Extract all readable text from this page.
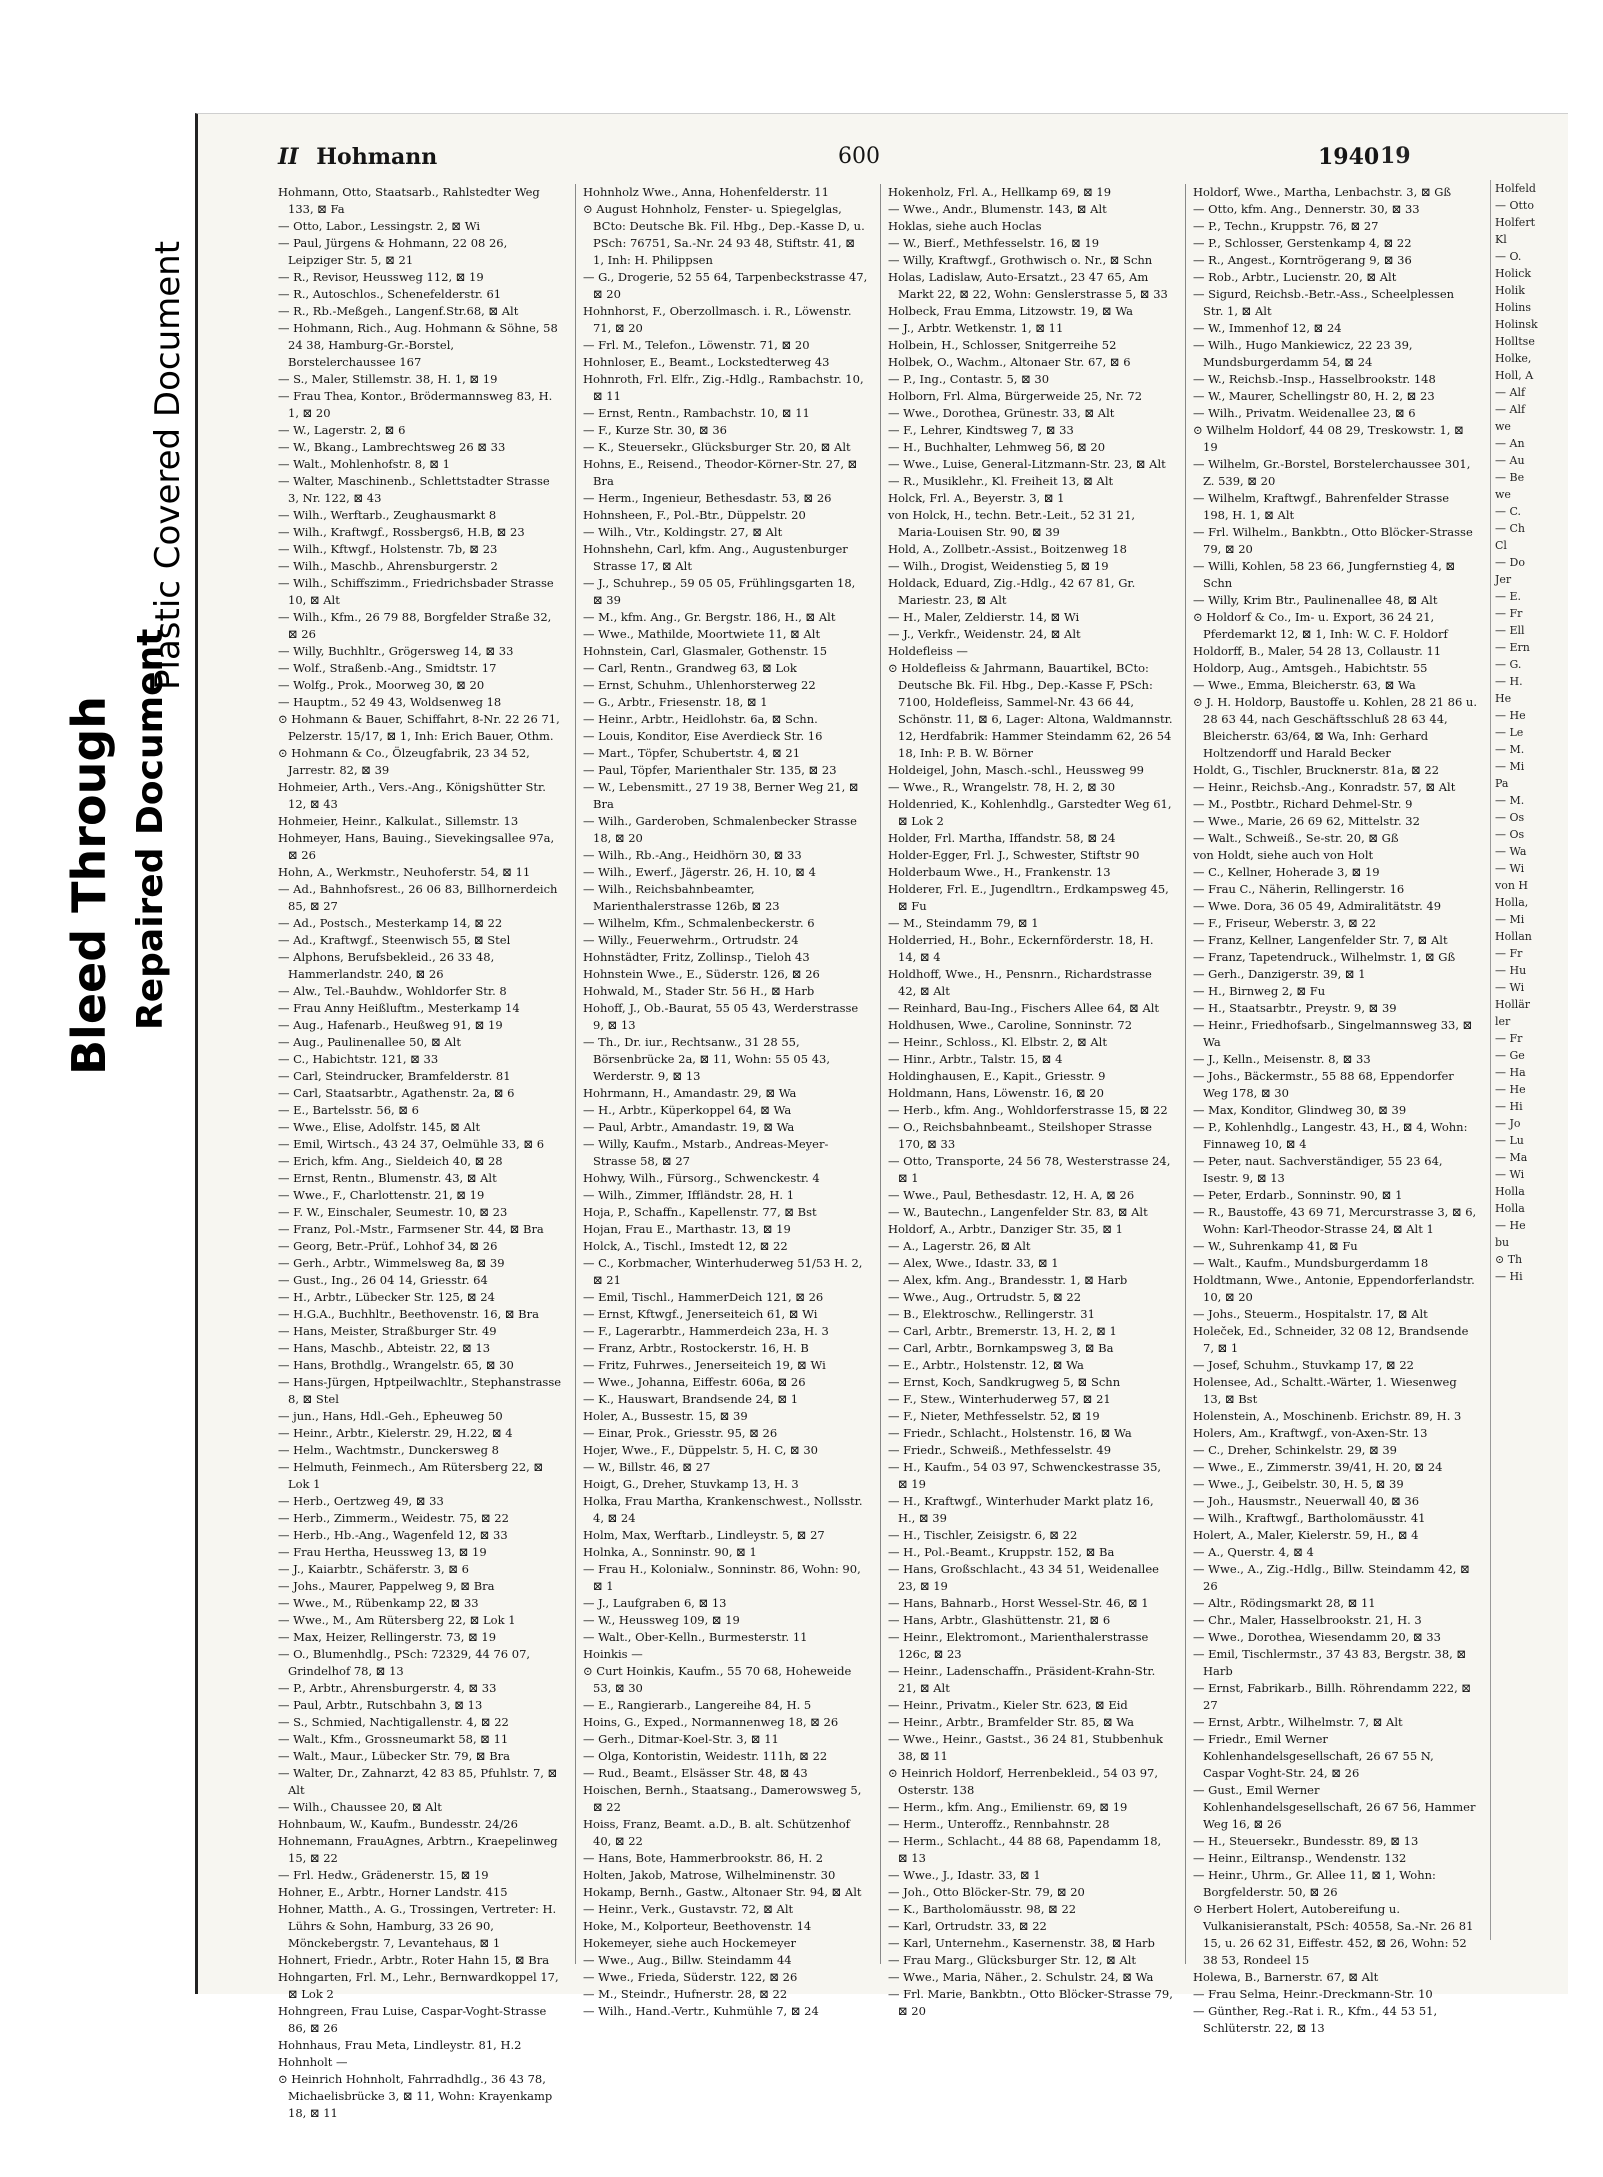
Bleed Through Repaired Document
Plastic Covered Document
II Hohmann	600	1940
Hohmann, Otto, Staatsarb., Rahlstedter Weg 133, ⊠ Fa
— Otto, Labor., Lessingstr. 2, ⊠ Wi
— Paul, Jürgens & Hohmann, 22 08 26, Leipziger Str. 5, ⊠ 21
— R., Revisor, Heussweg 112, ⊠ 19
— R., Autoschlos., Schenefelderstr. 61
— R., Rb.-Meßgeh., Langenf.Str.68, ⊠ Alt
— Hohmann, Rich., Aug. Hohmann & Söhne, 58 24 38, Hamburg-Gr.-Borstel, Borstelerchaussee 167
— S., Maler, Stillemstr. 38, H. 1, ⊠ 19
— Frau Thea, Kontor., Brödermannsweg 83, H. 1, ⊠ 20
— W., Lagerstr. 2, ⊠ 6
— W., Bkang., Lambrechtsweg 26 ⊠ 33
— Walt., Mohlenhofstr. 8, ⊠ 1
— Walter, Maschinenb., Schlettstadter Strasse 3, Nr. 122, ⊠ 43
— Wilh., Werftarb., Zeughausmarkt 8
— Wilh., Kraftwgf., Rossbergs6, H.B, ⊠ 23
— Wilh., Kftwgf., Holstenstr. 7b, ⊠ 23
— Wilh., Maschb., Ahrensburgerstr. 2
— Wilh., Schiffszimm., Friedrichsbader Strasse 10, ⊠ Alt
— Wilh., Kfm., 26 79 88, Borgfelder Straße 32, ⊠ 26
— Willy, Buchhltr., Grögersweg 14, ⊠ 33
— Wolf., Straßenb.-Ang., Smidtstr. 17
— Wolfg., Prok., Moorweg 30, ⊠ 20
— Hauptm., 52 49 43, Woldsenweg 18
⊙ Hohmann & Bauer, Schiffahrt, 8-Nr. 22 26 71, Pelzerstr. 15/17, ⊠ 1, Inh: Erich Bauer, Othm.
⊙ Hohmann & Co., Ölzeugfabrik, 23 34 52, Jarrestr. 82, ⊠ 39
Hohmeier, Arth., Vers.-Ang., Königshütter Str. 12, ⊠ 43
Hohmeier, Heinr., Kalkulat., Sillemstr. 13
Hohmeyer, Hans, Bauing., Sievekingsallee 97a, ⊠ 26
Hohn, A., Werkmstr., Neuhoferstr. 54, ⊠ 11
— Ad., Bahnhofsrest., 26 06 83, Billhornerdeich 85, ⊠ 27
— Ad., Postsch., Mesterkamp 14, ⊠ 22
— Ad., Kraftwgf., Steenwisch 55, ⊠ Stel
— Alphons, Berufsbekleid., 26 33 48, Hammerlandstr. 240, ⊠ 26
— Alw., Tel.-Bauhdw., Wohldorfer Str. 8
— Frau Anny Heißluftm., Mesterkamp 14
— Aug., Hafenarb., Heußweg 91, ⊠ 19
— Aug., Paulinenallee 50, ⊠ Alt
— C., Habichtstr. 121, ⊠ 33
— Carl, Steindrucker, Bramfelderstr. 81
— Carl, Staatsarbtr., Agathenstr. 2a, ⊠ 6
— E., Bartelsstr. 56, ⊠ 6
— Wwe., Elise, Adolfstr. 145, ⊠ Alt
— Emil, Wirtsch., 43 24 37, Oelmühle 33, ⊠ 6
— Erich, kfm. Ang., Sieldeich 40, ⊠ 28
— Ernst, Rentn., Blumenstr. 43, ⊠ Alt
— Wwe., F., Charlottenstr. 21, ⊠ 19
— F. W., Einschaler, Seumestr. 10, ⊠ 23
— Franz, Pol.-Mstr., Farmsener Str. 44, ⊠ Bra
— Georg, Betr.-Prüf., Lohhof 34, ⊠ 26
— Gerh., Arbtr., Wimmelsweg 8a, ⊠ 39
— Gust., Ing., 26 04 14, Griesstr. 64
— H., Arbtr., Lübecker Str. 125, ⊠ 24
— H.G.A., Buchhltr., Beethovenstr. 16, ⊠ Bra
— Hans, Meister, Straßburger Str. 49
— Hans, Maschb., Abteistr. 22, ⊠ 13
— Hans, Brothdlg., Wrangelstr. 65, ⊠ 30
— Hans-Jürgen, Hptpeilwachltr., Stephanstrasse 8, ⊠ Stel
— jun., Hans, Hdl.-Geh., Epheuweg 50
— Heinr., Arbtr., Kielerstr. 29, H.22, ⊠ 4
— Helm., Wachtmstr., Dunckersweg 8
— Helmuth, Feinmech., Am Rütersberg 22, ⊠ Lok 1
— Herb., Oertzweg 49, ⊠ 33
— Herb., Zimmerm., Weidestr. 75, ⊠ 22
— Herb., Hb.-Ang., Wagenfeld 12, ⊠ 33
— Frau Hertha, Heussweg 13, ⊠ 19
— J., Kaiarbtr., Schäferstr. 3, ⊠ 6
— Johs., Maurer, Pappelweg 9, ⊠ Bra
— Wwe., M., Rübenkamp 22, ⊠ 33
— Wwe., M., Am Rütersberg 22, ⊠ Lok 1
— Max, Heizer, Rellingerstr. 73, ⊠ 19
— O., Blumenhdlg., PSch: 72329, 44 76 07, Grindelhof 78, ⊠ 13
— P., Arbtr., Ahrensburgerstr. 4, ⊠ 33
— Paul, Arbtr., Rutschbahn 3, ⊠ 13
— S., Schmied, Nachtigallenstr. 4, ⊠ 22
— Walt., Kfm., Grossneumarkt 58, ⊠ 11
— Walt., Maur., Lübecker Str. 79, ⊠ Bra
— Walter, Dr., Zahnarzt, 42 83 85, Pfuhlstr. 7, ⊠ Alt
— Wilh., Chaussee 20, ⊠ Alt
Hohnbaum, W., Kaufm., Bundesstr. 24/26
Hohnemann, FrauAgnes, Arbtrn., Kraepelinweg 15, ⊠ 22
— Frl. Hedw., Grädenerstr. 15, ⊠ 19
Hohner, E., Arbtr., Horner Landstr. 415
Hohner, Matth., A. G., Trossingen, Vertreter: H. Lührs & Sohn, Hamburg, 33 26 90, Mönckebergstr. 7, Levantehaus, ⊠ 1
Hohnert, Friedr., Arbtr., Roter Hahn 15, ⊠ Bra
Hohngarten, Frl. M., Lehr., Bernwardkoppel 17, ⊠ Lok 2
Hohngreen, Frau Luise, Caspar-Voght-Strasse 86, ⊠ 26
Hohnhaus, Frau Meta, Lindleystr. 81, H.2
Hohnholt —
⊙ Heinrich Hohnholt, Fahrradhdlg., 36 43 78, Michaelisbrücke 3, ⊠ 11, Wohn: Krayenkamp 18, ⊠ 11
Hohnholz Wwe., Anna, Hohenfelderstr. 11
⊙ August Hohnholz, Fenster- u. Spiegelglas, BCto: Deutsche Bk. Fil. Hbg., Dep.-Kasse D, u. PSch: 76751, Sa.-Nr. 24 93 48, Stiftstr. 41, ⊠ 1, Inh: H. Philippsen
— G., Drogerie, 52 55 64, Tarpenbeckstrasse 47, ⊠ 20
Hohnhorst, F., Oberzollmasch. i. R., Löwenstr. 71, ⊠ 20
— Frl. M., Telefon., Löwenstr. 71, ⊠ 20
Hohnloser, E., Beamt., Lockstedterweg 43
Hohnroth, Frl. Elfr., Zig.-Hdlg., Rambachstr. 10, ⊠ 11
— Ernst, Rentn., Rambachstr. 10, ⊠ 11
— F., Kurze Str. 30, ⊠ 36
— K., Steuersekr., Glücksburger Str. 20, ⊠ Alt
Hohns, E., Reisend., Theodor-Körner-Str. 27, ⊠ Bra
— Herm., Ingenieur, Bethesdastr. 53, ⊠ 26
Hohnsheen, F., Pol.-Btr., Düppelstr. 20
— Wilh., Vtr., Koldingstr. 27, ⊠ Alt
Hohnshehn, Carl, kfm. Ang., Augustenburger Strasse 17, ⊠ Alt
— J., Schuhrep., 59 05 05, Frühlingsgarten 18, ⊠ 39
— M., kfm. Ang., Gr. Bergstr. 186, H., ⊠ Alt
— Wwe., Mathilde, Moortwiete 11, ⊠ Alt
Hohnstein, Carl, Glasmaler, Gothenstr. 15
— Carl, Rentn., Grandweg 63, ⊠ Lok
— Ernst, Schuhm., Uhlenhorsterweg 22
— G., Arbtr., Friesenstr. 18, ⊠ 1
— Heinr., Arbtr., Heidlohstr. 6a, ⊠ Schn.
— Louis, Konditor, Eise Averdieck Str. 16
— Mart., Töpfer, Schubertstr. 4, ⊠ 21
— Paul, Töpfer, Marienthaler Str. 135, ⊠ 23
— W., Lebensmitt., 27 19 38, Berner Weg 21, ⊠ Bra
— Wilh., Garderoben, Schmalenbecker Strasse 18, ⊠ 20
— Wilh., Rb.-Ang., Heidhörn 30, ⊠ 33
— Wilh., Ewerf., Jägerstr. 26, H. 10, ⊠ 4
— Wilh., Reichsbahnbeamter, Marienthalerstrasse 126b, ⊠ 23
— Wilhelm, Kfm., Schmalenbeckerstr. 6
— Willy., Feuerwehrm., Ortrudstr. 24
Hohnstädter, Fritz, Zollinsp., Tieloh 43
Hohnstein Wwe., E., Süderstr. 126, ⊠ 26
Hohwald, M., Stader Str. 56 H., ⊠ Harb
Hohoff, J., Ob.-Baurat, 55 05 43, Werderstrasse 9, ⊠ 13
— Th., Dr. iur., Rechtsanw., 31 28 55, Börsenbrücke 2a, ⊠ 11, Wohn: 55 05 43, Werderstr. 9, ⊠ 13
Hohrmann, H., Amandastr. 29, ⊠ Wa
— H., Arbtr., Küperkoppel 64, ⊠ Wa
— Paul, Arbtr., Amandastr. 19, ⊠ Wa
— Willy, Kaufm., Mstarb., Andreas-Meyer-Strasse 58, ⊠ 27
Hohwy, Wilh., Fürsorg., Schwenckestr. 4
— Wilh., Zimmer, Iffländstr. 28, H. 1
Hoja, P., Schaffn., Kapellenstr. 77, ⊠ Bst
Hojan, Frau E., Marthastr. 13, ⊠ 19
Holck, A., Tischl., Imstedt 12, ⊠ 22
— C., Korbmacher, Winterhuderweg 51/53 H. 2, ⊠ 21
— Emil, Tischl., HammerDeich 121, ⊠ 26
— Ernst, Kftwgf., Jenerseiteich 61, ⊠ Wi
— F., Lagerarbtr., Hammerdeich 23a, H. 3
— Franz, Arbtr., Rostockerstr. 16, H. B
— Fritz, Fuhrwes., Jenerseiteich 19, ⊠ Wi
— Wwe., Johanna, Eiffestr. 606a, ⊠ 26
— K., Hauswart, Brandsende 24, ⊠ 1
Holer, A., Bussestr. 15, ⊠ 39
— Einar, Prok., Griesstr. 95, ⊠ 26
Hojer, Wwe., F., Düppelstr. 5, H. C, ⊠ 30
— W., Billstr. 46, ⊠ 27
Hoigt, G., Dreher, Stuvkamp 13, H. 3
Holka, Frau Martha, Krankenschwest., Nollsstr. 4, ⊠ 24
Holm, Max, Werftarb., Lindleystr. 5, ⊠ 27
Holnka, A., Sonninstr. 90, ⊠ 1
— Frau H., Kolonialw., Sonninstr. 86, Wohn: 90, ⊠ 1
— J., Laufgraben 6, ⊠ 13
— W., Heussweg 109, ⊠ 19
— Walt., Ober-Kelln., Burmesterstr. 11
Hoinkis —
⊙ Curt Hoinkis, Kaufm., 55 70 68, Hoheweide 53, ⊠ 30
— E., Rangierarb., Langereihe 84, H. 5
Hoins, G., Exped., Normannenweg 18, ⊠ 26
— Gerh., Ditmar-Koel-Str. 3, ⊠ 11
— Olga, Kontoristin, Weidestr. 111h, ⊠ 22
— Rud., Beamt., Elsässer Str. 48, ⊠ 43
Hoischen, Bernh., Staatsang., Damerowsweg 5, ⊠ 22
Hoiss, Franz, Beamt. a.D., B. alt. Schützenhof 40, ⊠ 22
— Hans, Bote, Hammerbrookstr. 86, H. 2
Holten, Jakob, Matrose, Wilhelminenstr. 30
Hokamp, Bernh., Gastw., Altonaer Str. 94, ⊠ Alt
— Heinr., Verk., Gustavstr. 72, ⊠ Alt
Hoke, M., Kolporteur, Beethovenstr. 14
Hokemeyer, siehe auch Hockemeyer
— Wwe., Aug., Billw. Steindamm 44
— Wwe., Frieda, Süderstr. 122, ⊠ 26
— M., Steindr., Hufnerstr. 28, ⊠ 22
— Wilh., Hand.-Vertr., Kuhmühle 7, ⊠ 24
Hokenholz, Frl. A., Hellkamp 69, ⊠ 19
— Wwe., Andr., Blumenstr. 143, ⊠ Alt
Hoklas, siehe auch Hoclas
— W., Bierf., Methfesselstr. 16, ⊠ 19
— Willy, Kraftwgf., Grothwisch o. Nr., ⊠ Schn
Holas, Ladislaw, Auto-Ersatzt., 23 47 65, Am Markt 22, ⊠ 22, Wohn: Genslerstrasse 5, ⊠ 33
Holbeck, Frau Emma, Litzowstr. 19, ⊠ Wa
— J., Arbtr. Wetkenstr. 1, ⊠ 11
Holbein, H., Schlosser, Snitgerreihe 52
Holbek, O., Wachm., Altonaer Str. 67, ⊠ 6
— P., Ing., Contastr. 5, ⊠ 30
Holborn, Frl. Alma, Bürgerweide 25, Nr. 72
— Wwe., Dorothea, Grünestr. 33, ⊠ Alt
— F., Lehrer, Kindtsweg 7, ⊠ 33
— H., Buchhalter, Lehmweg 56, ⊠ 20
— Wwe., Luise, General-Litzmann-Str. 23, ⊠ Alt
— R., Musiklehr., Kl. Freiheit 13, ⊠ Alt
Holck, Frl. A., Beyerstr. 3, ⊠ 1
von Holck, H., techn. Betr.-Leit., 52 31 21, Maria-Louisen Str. 90, ⊠ 39
Hold, A., Zollbetr.-Assist., Boitzenweg 18
— Wilh., Drogist, Weidenstieg 5, ⊠ 19
Holdack, Eduard, Zig.-Hdlg., 42 67 81, Gr. Mariestr. 23, ⊠ Alt
— H., Maler, Zeldierstr. 14, ⊠ Wi
— J., Verkfr., Weidenstr. 24, ⊠ Alt
Holdefleiss —
⊙ Holdefleiss & Jahrmann, Bauartikel, BCto: Deutsche Bk. Fil. Hbg., Dep.-Kasse F, PSch: 7100, Holdefleiss, Sammel-Nr. 43 66 44, Schönstr. 11, ⊠ 6, Lager: Altona, Waldmannstr. 12, Herdfabrik: Hammer Steindamm 62, 26 54 18, Inh: P. B. W. Börner
Holdeigel, John, Masch.-schl., Heussweg 99
— Wwe., R., Wrangelstr. 78, H. 2, ⊠ 30
Holdenried, K., Kohlenhdlg., Garstedter Weg 61, ⊠ Lok 2
Holder, Frl. Martha, Iffandstr. 58, ⊠ 24
Holder-Egger, Frl. J., Schwester, Stiftstr 90
Holderbaum Wwe., H., Frankenstr. 13
Holderer, Frl. E., Jugendltrn., Erdkampsweg 45, ⊠ Fu
— M., Steindamm 79, ⊠ 1
Holderried, H., Bohr., Eckernförderstr. 18, H. 14, ⊠ 4
Holdhoff, Wwe., H., Pensnrn., Richardstrasse 42, ⊠ Alt
— Reinhard, Bau-Ing., Fischers Allee 64, ⊠ Alt
Holdhusen, Wwe., Caroline, Sonninstr. 72
— Heinr., Schloss., Kl. Elbstr. 2, ⊠ Alt
— Hinr., Arbtr., Talstr. 15, ⊠ 4
Holdinghausen, E., Kapit., Griesstr. 9
Holdmann, Hans, Löwenstr. 16, ⊠ 20
— Herb., kfm. Ang., Wohldorferstrasse 15, ⊠ 22
— O., Reichsbahnbeamt., Steilshoper Strasse 170, ⊠ 33
— Otto, Transporte, 24 56 78, Westerstrasse 24, ⊠ 1
— Wwe., Paul, Bethesdastr. 12, H. A, ⊠ 26
— W., Bautechn., Langenfelder Str. 83, ⊠ Alt
Holdorf, A., Arbtr., Danziger Str. 35, ⊠ 1
— A., Lagerstr. 26, ⊠ Alt
— Alex, Wwe., Idastr. 33, ⊠ 1
— Alex, kfm. Ang., Brandesstr. 1, ⊠ Harb
— Wwe., Aug., Ortrudstr. 5, ⊠ 22
— B., Elektroschw., Rellingerstr. 31
— Carl, Arbtr., Bremerstr. 13, H. 2, ⊠ 1
— Carl, Arbtr., Bornkampsweg 3, ⊠ Ba
— E., Arbtr., Holstenstr. 12, ⊠ Wa
— Ernst, Koch, Sandkrugweg 5, ⊠ Schn
— F., Stew., Winterhuderweg 57, ⊠ 21
— F., Nieter, Methfesselstr. 52, ⊠ 19
— Friedr., Schlacht., Holstenstr. 16, ⊠ Wa
— Friedr., Schweiß., Methfesselstr. 49
— H., Kaufm., 54 03 97, Schwenckestrasse 35, ⊠ 19
— H., Kraftwgf., Winterhuder Markt platz 16, H., ⊠ 39
— H., Tischler, Zeisigstr. 6, ⊠ 22
— H., Pol.-Beamt., Kruppstr. 152, ⊠ Ba
— Hans, Großschlacht., 43 34 51, Weidenallee 23, ⊠ 19
— Hans, Bahnarb., Horst Wessel-Str. 46, ⊠ 1
— Hans, Arbtr., Glashüttenstr. 21, ⊠ 6
— Heinr., Elektromont., Marienthalerstrasse 126c, ⊠ 23
— Heinr., Ladenschaffn., Präsident-Krahn-Str. 21, ⊠ Alt
— Heinr., Privatm., Kieler Str. 623, ⊠ Eid
— Heinr., Arbtr., Bramfelder Str. 85, ⊠ Wa
— Wwe., Heinr., Gastst., 36 24 81, Stubbenhuk 38, ⊠ 11
⊙ Heinrich Holdorf, Herrenbekleid., 54 03 97, Osterstr. 138
— Herm., kfm. Ang., Emilienstr. 69, ⊠ 19
— Herm., Unteroffz., Rennbahnstr. 28
— Herm., Schlacht., 44 88 68, Papendamm 18, ⊠ 13
— Wwe., J., Idastr. 33, ⊠ 1
— Joh., Otto Blöcker-Str. 79, ⊠ 20
— K., Bartholomäusstr. 98, ⊠ 22
— Karl, Ortrudstr. 33, ⊠ 22
— Karl, Unternehm., Kasernenstr. 38, ⊠ Harb
— Frau Marg., Glücksburger Str. 12, ⊠ Alt
— Wwe., Maria, Näher., 2. Schulstr. 24, ⊠ Wa
— Frl. Marie, Bankbtn., Otto Blöcker-Strasse 79, ⊠ 20
Holdorf, Wwe., Martha, Lenbachstr. 3, ⊠ Gß
— Otto, kfm. Ang., Dennerstr. 30, ⊠ 33
— P., Techn., Kruppstr. 76, ⊠ 27
— P., Schlosser, Gerstenkamp 4, ⊠ 22
— R., Angest., Korntrögerang 9, ⊠ 36
— Rob., Arbtr., Lucienstr. 20, ⊠ Alt
— Sigurd, Reichsb.-Betr.-Ass., Scheelplessen Str. 1, ⊠ Alt
— W., Immenhof 12, ⊠ 24
— Wilh., Hugo Mankiewicz, 22 23 39, Mundsburgerdamm 54, ⊠ 24
— W., Reichsb.-Insp., Hasselbrookstr. 148
— W., Maurer, Schellingstr 80, H. 2, ⊠ 23
— Wilh., Privatm. Weidenallee 23, ⊠ 6
⊙ Wilhelm Holdorf, 44 08 29, Treskowstr. 1, ⊠ 19
— Wilhelm, Gr.-Borstel, Borstelerchaussee 301, Z. 539, ⊠ 20
— Wilhelm, Kraftwgf., Bahrenfelder Strasse 198, H. 1, ⊠ Alt
— Frl. Wilhelm., Bankbtn., Otto Blöcker-Strasse 79, ⊠ 20
— Willi, Kohlen, 58 23 66, Jungfernstieg 4, ⊠ Schn
— Willy, Krim Btr., Paulinenallee 48, ⊠ Alt
⊙ Holdorf & Co., Im- u. Export, 36 24 21, Pferdemarkt 12, ⊠ 1, Inh: W. C. F. Holdorf
Holdorff, B., Maler, 54 28 13, Collaustr. 11
Holdorp, Aug., Amtsgeh., Habichtstr. 55
— Wwe., Emma, Bleicherstr. 63, ⊠ Wa
⊙ J. H. Holdorp, Baustoffe u. Kohlen, 28 21 86 u. 28 63 44, nach Geschäftsschluß 28 63 44, Bleicherstr. 63/64, ⊠ Wa, Inh: Gerhard Holtzendorff und Harald Becker
Holdt, G., Tischler, Brucknerstr. 81a, ⊠ 22
— Heinr., Reichsb.-Ang., Konradstr. 57, ⊠ Alt
— M., Postbtr., Richard Dehmel-Str. 9
— Wwe., Marie, 26 69 62, Mittelstr. 32
— Walt., Schweiß., Se-str. 20, ⊠ Gß
von Holdt, siehe auch von Holt
— C., Kellner, Hoherade 3, ⊠ 19
— Frau C., Näherin, Rellingerstr. 16
— Wwe. Dora, 36 05 49, Admiralitätstr. 49
— F., Friseur, Weberstr. 3, ⊠ 22
— Franz, Kellner, Langenfelder Str. 7, ⊠ Alt
— Franz, Tapetendruck., Wilhelmstr. 1, ⊠ Gß
— Gerh., Danzigerstr. 39, ⊠ 1
— H., Birnweg 2, ⊠ Fu
— H., Staatsarbtr., Preystr. 9, ⊠ 39
— Heinr., Friedhofsarb., Singelmannsweg 33, ⊠ Wa
— J., Kelln., Meisenstr. 8, ⊠ 33
— Johs., Bäckermstr., 55 88 68, Eppendorfer Weg 178, ⊠ 30
— Max, Konditor, Glindweg 30, ⊠ 39
— P., Kohlenhdlg., Langestr. 43, H., ⊠ 4, Wohn: Finnaweg 10, ⊠ 4
— Peter, naut. Sachverständiger, 55 23 64, Isestr. 9, ⊠ 13
— Peter, Erdarb., Sonninstr. 90, ⊠ 1
— R., Baustoffe, 43 69 71, Mercurstrasse 3, ⊠ 6, Wohn: Karl-Theodor-Strasse 24, ⊠ Alt 1
— W., Suhrenkamp 41, ⊠ Fu
— Walt., Kaufm., Mundsburgerdamm 18
Holdtmann, Wwe., Antonie, Eppendorferlandstr. 10, ⊠ 20
— Johs., Steuerm., Hospitalstr. 17, ⊠ Alt
Holeček, Ed., Schneider, 32 08 12, Brandsende 7, ⊠ 1
— Josef, Schuhm., Stuvkamp 17, ⊠ 22
Holensee, Ad., Schaltt.-Wärter, 1. Wiesenweg 13, ⊠ Bst
Holenstein, A., Moschinenb. Erichstr. 89, H. 3
Holers, Am., Kraftwgf., von-Axen-Str. 13
— C., Dreher, Schinkelstr. 29, ⊠ 39
— Wwe., E., Zimmerstr. 39/41, H. 20, ⊠ 24
— Wwe., J., Geibelstr. 30, H. 5, ⊠ 39
— Joh., Hausmstr., Neuerwall 40, ⊠ 36
— Wilh., Kraftwgf., Bartholomäusstr. 41
Holert, A., Maler, Kielerstr. 59, H., ⊠ 4
— A., Querstr. 4, ⊠ 4
— Wwe., A., Zig.-Hdlg., Billw. Steindamm 42, ⊠ 26
— Altr., Rödingsmarkt 28, ⊠ 11
— Chr., Maler, Hasselbrookstr. 21, H. 3
— Wwe., Dorothea, Wiesendamm 20, ⊠ 33
— Emil, Tischlermstr., 37 43 83, Bergstr. 38, ⊠ Harb
— Ernst, Fabrikarb., Billh. Röhrendamm 222, ⊠ 27
— Ernst, Arbtr., Wilhelmstr. 7, ⊠ Alt
— Friedr., Emil Werner Kohlenhandelsgesellschaft, 26 67 55 N, Caspar Voght-Str. 24, ⊠ 26
— Gust., Emil Werner Kohlenhandelsgesellschaft, 26 67 56, Hammer Weg 16, ⊠ 26
— H., Steuersekr., Bundesstr. 89, ⊠ 13
— Heinr., Eiltransp., Wendenstr. 132
— Heinr., Uhrm., Gr. Allee 11, ⊠ 1, Wohn: Borgfelderstr. 50, ⊠ 26
⊙ Herbert Holert, Autobereifung u. Vulkanisieranstalt, PSch: 40558, Sa.-Nr. 26 81 15, u. 26 62 31, Eiffestr. 452, ⊠ 26, Wohn: 52 38 53, Rondeel 15
Holewa, B., Barnerstr. 67, ⊠ Alt
— Frau Selma, Heinr.-Dreckmann-Str. 10
— Günther, Reg.-Rat i. R., Kfm., 44 53 51, Schlüterstr. 22, ⊠ 13
19
Holfeld
— Otto
Holfert
Kl
— O.
Holick
Holik
Holins
Holinsk
Holltse
Holke,
Holl, A
— Alf
— Alf
we
— An
— Au
— Be
we
— C.
— Ch
Cl
— Do
Jer
— E.
— Fr
— Ell
— Ern
— G.
— H.
He
— He
— Le
— M.
— Mi
Pa
— M.
— Os
— Os
— Wa
— Wi
von H
Holla,
— Mi
Hollan
— Fr
— Hu
— Wi
Hollär
ler
— Fr
— Ge
— Ha
— He
— Hi
— Jo
— Lu
— Ma
— Wi
Holla
Holla
— He
bu
⊙ Th
— Hi
